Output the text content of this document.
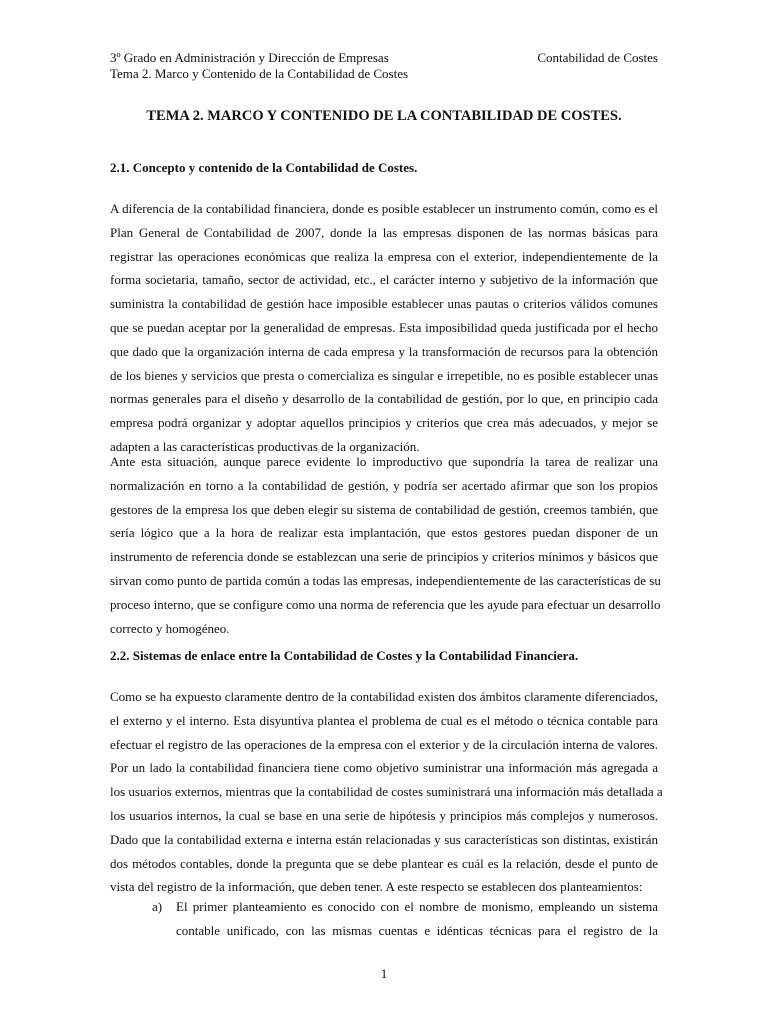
3º Grado en Administración y Dirección de Empresas	Contabilidad de Costes
Tema 2. Marco y Contenido de la Contabilidad de Costes
TEMA 2. MARCO Y CONTENIDO DE LA CONTABILIDAD DE COSTES.
2.1. Concepto y contenido de la Contabilidad de Costes.
A diferencia de la contabilidad financiera, donde es posible establecer un instrumento común, como es el
Plan General de Contabilidad de 2007, donde la las empresas disponen de las normas básicas para
registrar las operaciones económicas que realiza la empresa con el exterior, independientemente de la
forma societaria, tamaño, sector de actividad, etc., el carácter interno y subjetivo de la información que
suministra la contabilidad de gestión hace imposible establecer unas pautas o criterios válidos comunes
que se puedan aceptar por la generalidad de empresas. Esta imposibilidad queda justificada por el hecho
que dado que la organización interna de cada empresa y la transformación de recursos para la obtención
de los bienes y servicios que presta o comercializa es singular e irrepetible, no es posible establecer unas
normas generales para el diseño y desarrollo de la contabilidad de gestión, por lo que, en principio cada
empresa podrá organizar y adoptar aquellos principios y criterios que crea más adecuados, y mejor se
adapten a las características productivas de la organización.
Ante esta situación, aunque parece evidente lo improductivo que supondría la tarea de realizar una
normalización en torno a la contabilidad de gestión, y podría ser acertado afirmar que son los propios
gestores de la empresa los que deben elegir su sistema de contabilidad de gestión, creemos también, que
sería lógico que a la hora de realizar esta implantación, que estos gestores puedan disponer de un
instrumento de referencia donde se establezcan una serie de principios y criterios mínimos y básicos que
sirvan como punto de partida común a todas las empresas, independientemente de las características de su
proceso interno, que se configure como una norma de referencia que les ayude para efectuar un desarrollo
correcto y homogéneo.
2.2. Sistemas de enlace entre la Contabilidad de Costes y la Contabilidad Financiera.
Como se ha expuesto claramente dentro de la contabilidad existen dos ámbitos claramente diferenciados,
el externo y el interno. Esta disyuntiva plantea el problema de cual es el método o técnica contable para
efectuar el registro de las operaciones de la empresa con el exterior y de la circulación interna de valores.
Por un lado la contabilidad financiera tiene como objetivo suministrar una información más agregada a
los usuarios externos, mientras que la contabilidad de costes suministrará una información más detallada a
los usuarios internos, la cual se base en una serie de hipótesis y principios más complejos y numerosos.
Dado que la contabilidad externa e interna están relacionadas y sus características son distintas, existirán
dos métodos contables, donde la pregunta que se debe plantear es cuál es la relación, desde el punto de
vista del registro de la información, que deben tener. A este respecto se establecen dos planteamientos:
a) El primer planteamiento es conocido con el nombre de monismo, empleando un sistema
contable unificado, con las mismas cuentas e idénticas técnicas para el registro de la
1
